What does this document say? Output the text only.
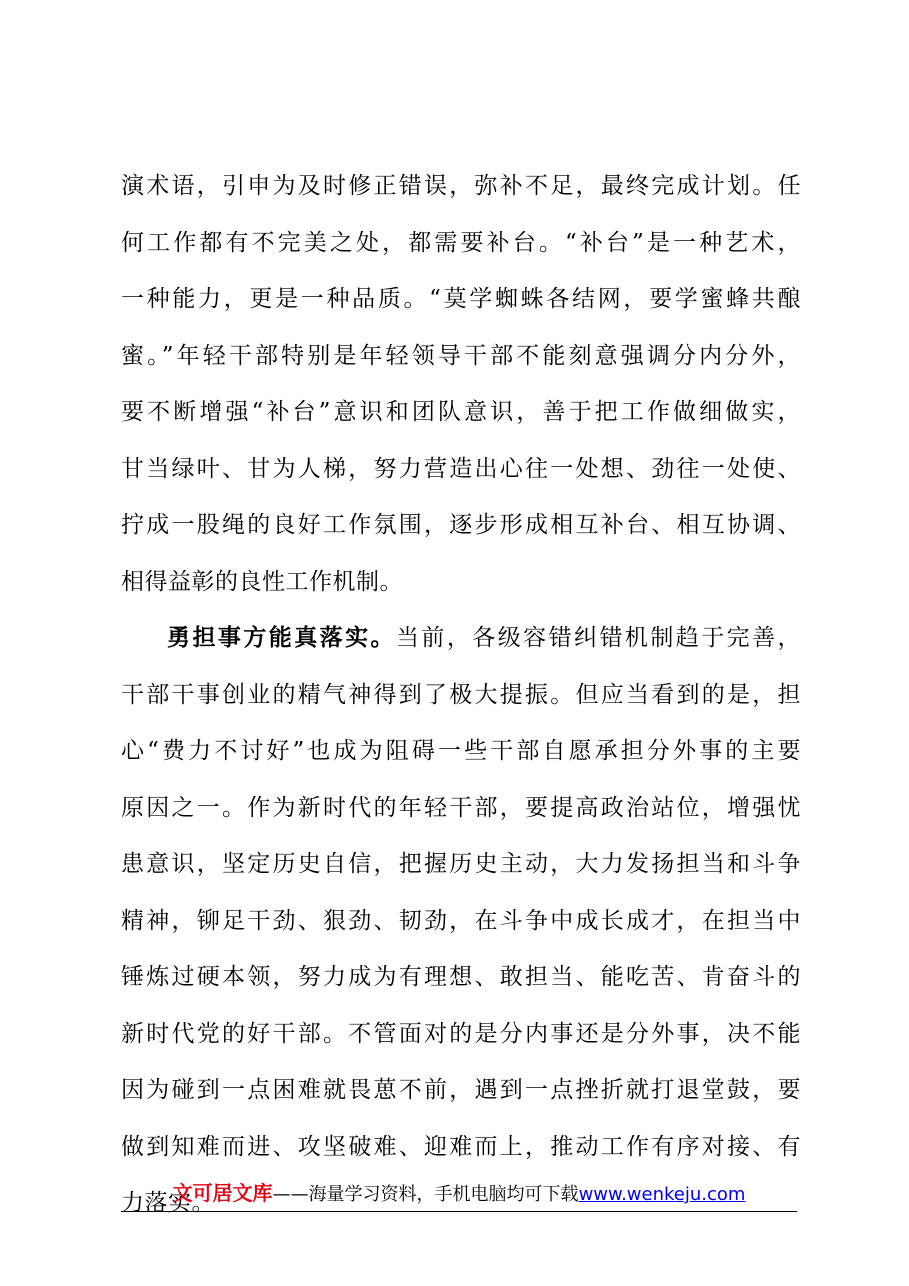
演术语，引申为及时修正错误，弥补不足，最终完成计划。任
何工作都有不完美之处，都需要补台。“补台”是一种艺术，
一种能力，更是一种品质。“莫学蜘蛛各结网，要学蜜蜂共酿
蜜。”年轻干部特别是年轻领导干部不能刻意强调分内分外，
要不断增强“补台”意识和团队意识，善于把工作做细做实，
甘当绿叶、甘为人梯，努力营造出心往一处想、劲往一处使、
拧成一股绳的良好工作氛围，逐步形成相互补台、相互协调、
相得益彰的良性工作机制。
勇担事方能真落实。当前，各级容错纠错机制趋于完善，
干部干事创业的精气神得到了极大提振。但应当看到的是，担
心“费力不讨好”也成为阻碍一些干部自愿承担分外事的主要
原因之一。作为新时代的年轻干部，要提高政治站位，增强忧
患意识，坚定历史自信，把握历史主动，大力发扬担当和斗争
精神，铆足干劲、狠劲、韧劲，在斗争中成长成才，在担当中
锤炼过硬本领，努力成为有理想、敢担当、能吃苦、肯奋斗的
新时代党的好干部。不管面对的是分内事还是分外事，决不能
因为碰到一点困难就畏葸不前，遇到一点挫折就打退堂鼓，要
做到知难而进、攻坚破难、迎难而上，推动工作有序对接、有
力落实。
文可居文库——海量学习资料，手机电脑均可下载www.wenkeju.com
